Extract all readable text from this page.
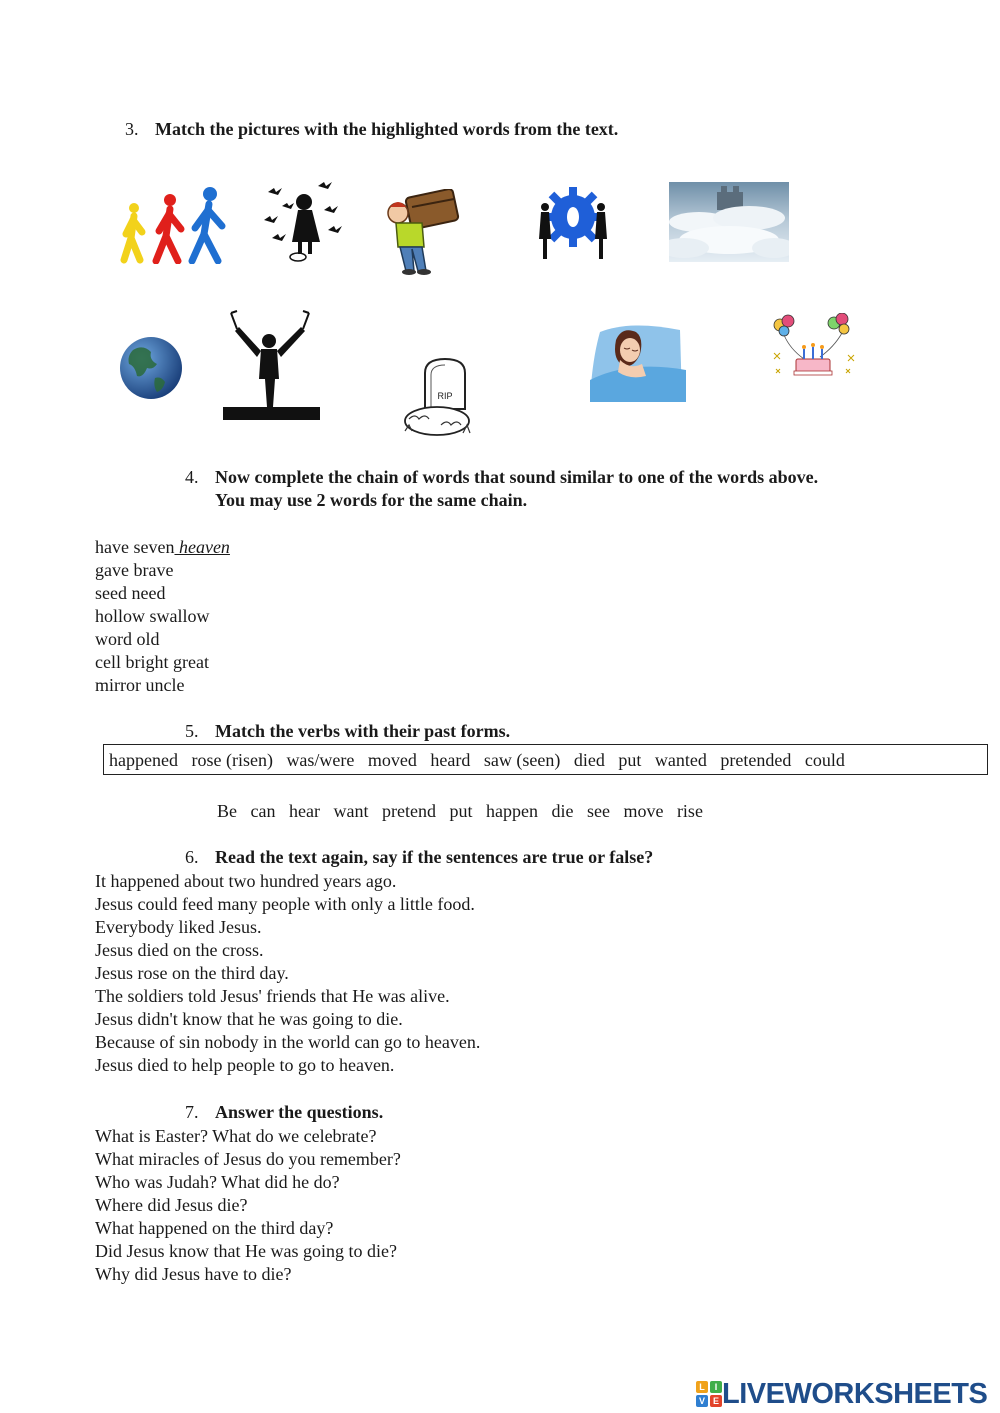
3. Match the pictures with the highlighted words from the text.
RIP
4. Now complete the chain of words that sound similar to one of the words above.
You may use 2 words for the same chain.
have seven heaven
gave brave
seed need
hollow swallow
word old
cell bright great
mirror uncle
5. Match the verbs with their past forms.
happened rose (risen) was/were moved heard saw (seen) died put wanted pretended could
Be can hear want pretend put happen die see move rise
6. Read the text again, say if the sentences are true or false?
It happened about two hundred years ago.
Jesus could feed many people with only a little food.
Everybody liked Jesus.
Jesus died on the cross.
Jesus rose on the third day.
The soldiers told Jesus' friends that He was alive.
Jesus didn't know that he was going to die.
Because of sin nobody in the world can go to heaven.
Jesus died to help people to go to heaven.
7. Answer the questions.
What is Easter? What do we celebrate?
What miracles of Jesus do you remember?
Who was Judah? What did he do?
Where did Jesus die?
What happened on the third day?
Did Jesus know that He was going to die?
Why did Jesus have to die?
L I
V E LIVEWORKSHEETS
